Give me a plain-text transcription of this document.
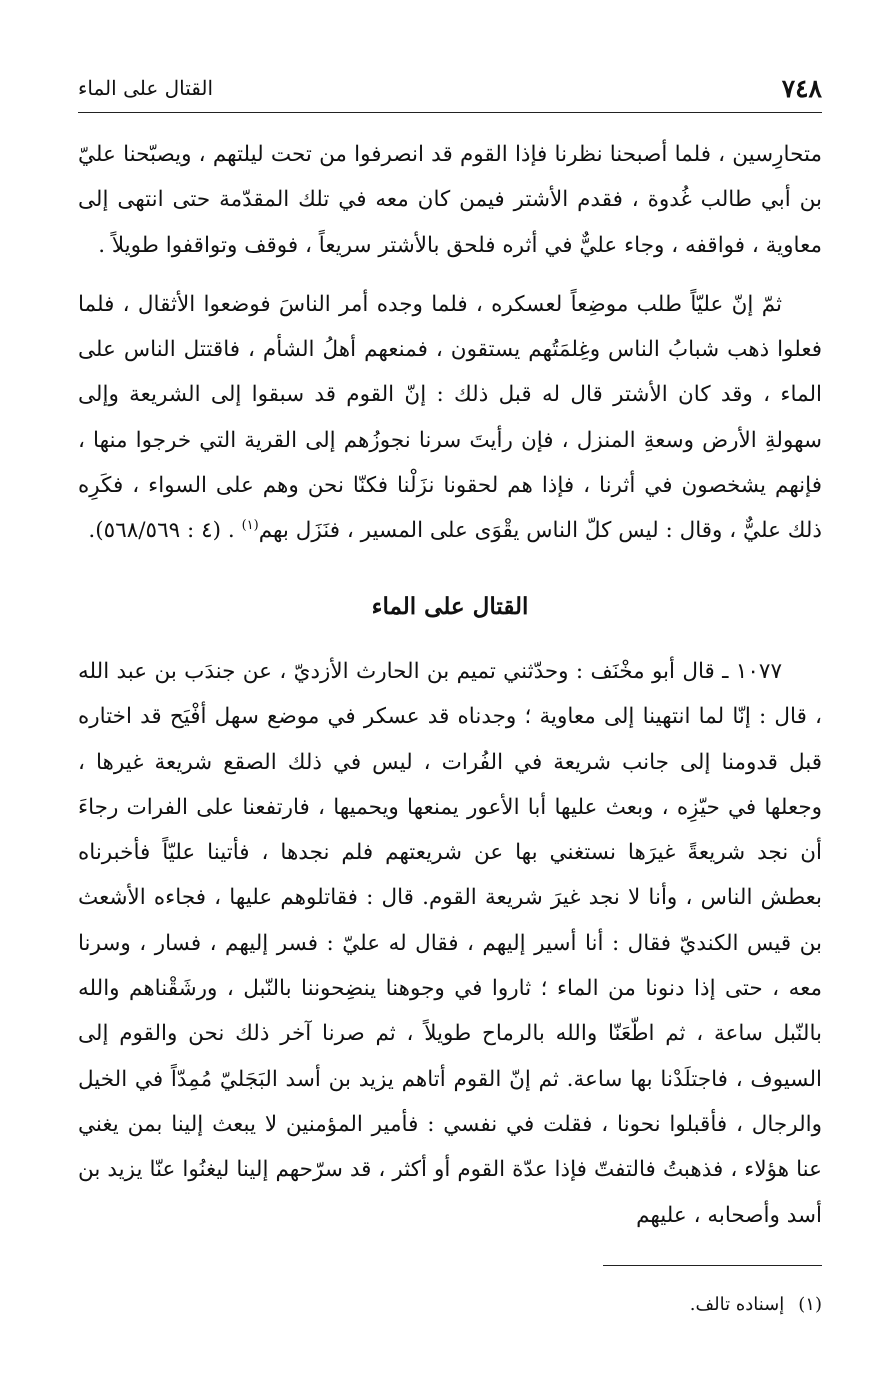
٧٤٨
القتال على الماء

متحارِسين ، فلما أصبحنا نظرنا فإذا القوم قد انصرفوا من تحت ليلتهم ، ويصبّحنا عليّ بن أبي طالب غُدوة ، فقدم الأشتر فيمن كان معه في تلك المقدّمة حتى انتهى إلى معاوية ، فواقفه ، وجاء عليٌّ في أثره فلحق بالأشتر سريعاً ، فوقف وتواقفوا طويلاً .

ثمّ إنّ عليّاً طلب موضِعاً لعسكره ، فلما وجده أمر الناسَ فوضعوا الأثقال ، فلما فعلوا ذهب شبابُ الناس وغِلمَتُهم يستقون ، فمنعهم أهلُ الشأم ، فاقتتل الناس على الماء ، وقد كان الأشتر قال له قبل ذلك : إنّ القوم قد سبقوا إلى الشريعة وإلى سهولةِ الأرض وسعةِ المنزل ، فإن رأيتَ سرنا نجوزُهم إلى القرية التي خرجوا منها ، فإنهم يشخصون في أثرنا ، فإذا هم لحقونا نزَلْنا فكنّا نحن وهم على السواء ، فكَرِه ذلك عليٌّ ، وقال : ليس كلّ الناس يقْوَى على المسير ، فنَزَل بهم$^{(١)}$ . (٤ : ٥٦٨/٥٦٩).

القتال على الماء

١٠٧٧ ـ قال أبو مخْنَف : وحدّثني تميم بن الحارث الأزديّ ، عن جندَب بن عبد الله ، قال : إنّا لما انتهينا إلى معاوية ؛ وجدناه قد عسكر في موضع سهل أفْيَح قد اختاره قبل قدومنا إلى جانب شريعة في الفُرات ، ليس في ذلك الصقع شريعة غيرها ، وجعلها في حيّزِه ، وبعث عليها أبا الأعور يمنعها ويحميها ، فارتفعنا على الفرات رجاءَ أن نجد شريعةً غيرَها نستغني بها عن شريعتهم فلم نجدها ، فأتينا عليّاً فأخبرناه بعطش الناس ، وأنا لا نجد غيرَ شريعة القوم. قال : فقاتلوهم عليها ، فجاءه الأشعث بن قيس الكنديّ فقال : أنا أسير إليهم ، فقال له عليّ : فسر إليهم ، فسار ، وسرنا معه ، حتى إذا دنونا من الماء ؛ ثاروا في وجوهنا ينضِحوننا بالنّبل ، ورشَقْناهم والله بالنّبل ساعة ، ثم اطّعَنّا والله بالرماح طويلاً ، ثم صرنا آخر ذلك نحن والقوم إلى السيوف ، فاجتلَدْنا بها ساعة. ثم إنّ القوم أتاهم يزيد بن أسد البَجَليّ مُمِدّاً في الخيل والرجال ، فأقبلوا نحونا ، فقلت في نفسي : فأمير المؤمنين لا يبعث إلينا بمن يغني عنا هؤلاء ، فذهبتُ فالتفتّ فإذا عدّة القوم أو أكثر ، قد سرّحهم إلينا ليغنُوا عنّا يزيد بن أسد وأصحابه ، عليهم

(١)إسناده تالف.
